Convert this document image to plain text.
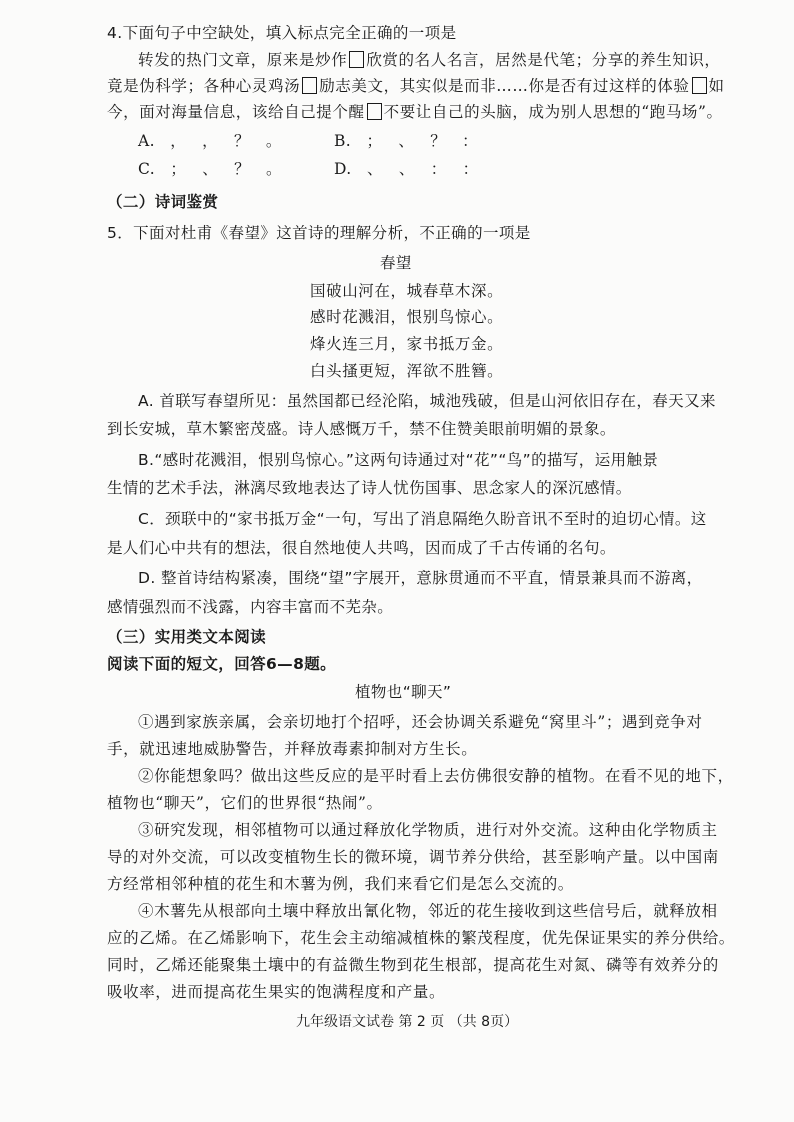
4.下面句子中空缺处，填入标点完全正确的一项是
转发的热门文章，原来是炒作 欣赏的名人名言，居然是代笔；分享的养生知识，
竟是伪科学；各种心灵鸡汤 励志美文，其实似是而非……你是否有过这样的体验 如
今，面对海量信息，该给自己提个醒 不要让自己的头脑，成为别人思想的“跑马场”。
A. ，   ，   ？   。	B. ；   、   ？   ：
C. ；   、   ？   。	D. 、   、   ：   ：
（二）诗词鉴赏
5．下面对杜甫《春望》这首诗的理解分析，不正确的一项是
春望
国破山河在，城春草木深。
感时花溅泪，恨别鸟惊心。
烽火连三月，家书抵万金。
白头搔更短，浑欲不胜簪。
A. 首联写春望所见：虽然国都已经沦陷，城池残破，但是山河依旧存在，春天又来
到长安城，草木繁密茂盛。诗人感慨万千，禁不住赞美眼前明媚的景象。
B.“感时花溅泪，恨别鸟惊心。”这两句诗通过对“花”“鸟”的描写，运用触景
生情的艺术手法，淋漓尽致地表达了诗人忧伤国事、思念家人的深沉感情。
C．颈联中的“家书抵万金“一句，写出了消息隔绝久盼音讯不至时的迫切心情。这
是人们心中共有的想法，很自然地使人共鸣，因而成了千古传诵的名句。
D. 整首诗结构紧凑，围绕“望”字展开，意脉贯通而不平直，情景兼具而不游离，
感情强烈而不浅露，内容丰富而不芜杂。
（三）实用类文本阅读
阅读下面的短文，回答6—8题。
植物也“聊天”
①遇到家族亲属，会亲切地打个招呼，还会协调关系避免“窝里斗”；遇到竞争对
手，就迅速地威胁警告，并释放毒素抑制对方生长。
②你能想象吗？做出这些反应的是平时看上去仿佛很安静的植物。在看不见的地下，
植物也“聊天”，它们的世界很“热闹”。
③研究发现，相邻植物可以通过释放化学物质，进行对外交流。这种由化学物质主
导的对外交流，可以改变植物生长的微环境，调节养分供给，甚至影响产量。以中国南
方经常相邻种植的花生和木薯为例，我们来看它们是怎么交流的。
④木薯先从根部向土壤中释放出氰化物，邻近的花生接收到这些信号后，就释放相
应的乙烯。在乙烯影响下，花生会主动缩减植株的繁茂程度，优先保证果实的养分供给。
同时，乙烯还能聚集土壤中的有益微生物到花生根部，提高花生对氮、磷等有效养分的
吸收率，进而提高花生果实的饱满程度和产量。
九年级语文试卷 第 2 页 （共 8页）
